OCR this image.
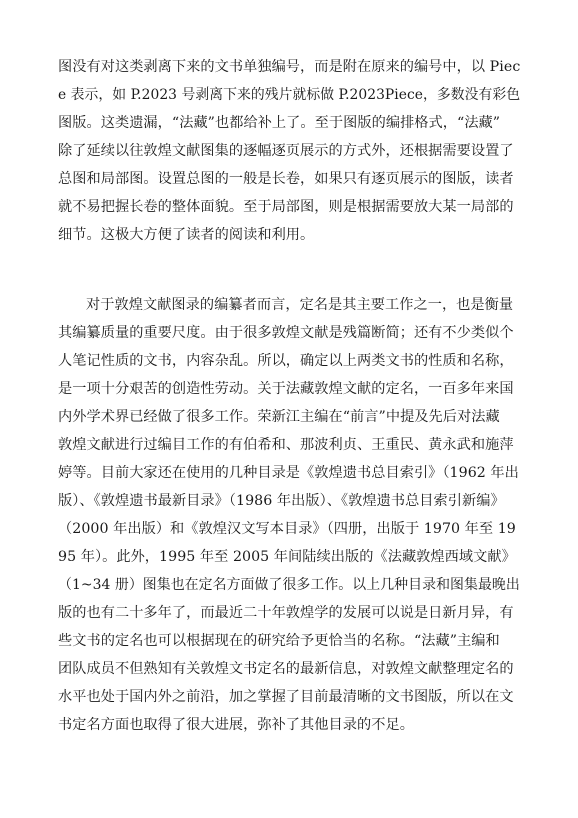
图没有对这类剥离下来的文书单独编号，而是附在原来的编号中，以 Piec
e 表示，如 P.2023 号剥离下来的残片就标做 P.2023Piece，多数没有彩色
图版。这类遗漏，“法藏”也都给补上了。至于图版的编排格式，“法藏”
除了延续以往敦煌文献图集的逐幅逐页展示的方式外，还根据需要设置了
总图和局部图。设置总图的一般是长卷，如果只有逐页展示的图版，读者
就不易把握长卷的整体面貌。至于局部图，则是根据需要放大某一局部的
细节。这极大方便了读者的阅读和利用。
对于敦煌文献图录的编纂者而言，定名是其主要工作之一，也是衡量
其编纂质量的重要尺度。由于很多敦煌文献是残篇断简；还有不少类似个
人笔记性质的文书，内容杂乱。所以，确定以上两类文书的性质和名称，
是一项十分艰苦的创造性劳动。关于法藏敦煌文献的定名，一百多年来国
内外学术界已经做了很多工作。荣新江主编在“前言”中提及先后对法藏
敦煌文献进行过编目工作的有伯希和、那波利贞、王重民、黄永武和施萍
婷等。目前大家还在使用的几种目录是《敦煌遗书总目索引》（1962 年出
版）、《敦煌遗书最新目录》（1986 年出版）、《敦煌遗书总目索引新编》
（2000 年出版）和《敦煌汉文写本目录》（四册，出版于 1970 年至 19
95 年）。此外，1995 年至 2005 年间陆续出版的《法藏敦煌西域文献》
（1~34 册）图集也在定名方面做了很多工作。以上几种目录和图集最晚出
版的也有二十多年了，而最近二十年敦煌学的发展可以说是日新月异，有
些文书的定名也可以根据现在的研究给予更恰当的名称。“法藏”主编和
团队成员不但熟知有关敦煌文书定名的最新信息，对敦煌文献整理定名的
水平也处于国内外之前沿，加之掌握了目前最清晰的文书图版，所以在文
书定名方面也取得了很大进展，弥补了其他目录的不足。
